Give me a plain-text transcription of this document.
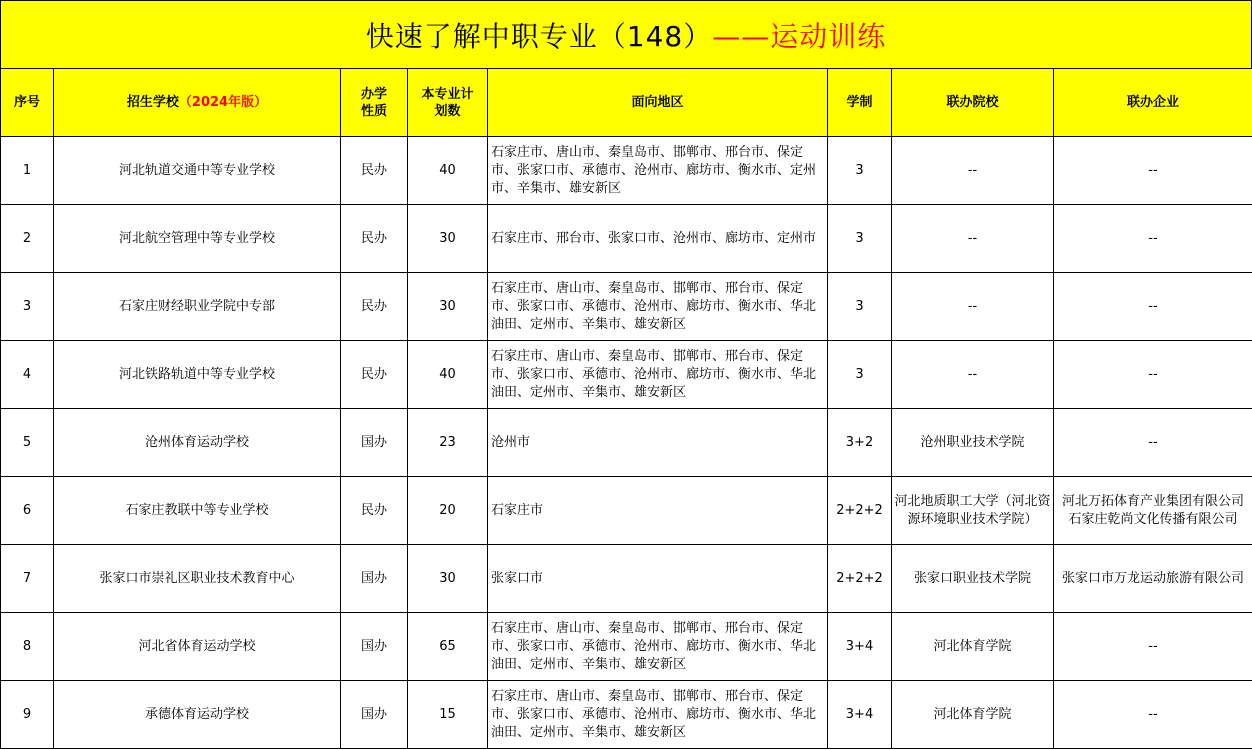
快速了解中职专业（148） ——运动训练
序号	招生学校（2024年版）	办学性质	本专业计划数	面向地区	学制	联办院校	联办企业
1	河北轨道交通中等专业学校	民办	40	石家庄市、唐山市、秦皇岛市、邯郸市、邢台市、保定市、张家口市、承德市、沧州市、廊坊市、衡水市、定州市、辛集市、雄安新区	3	--	--
2	河北航空管理中等专业学校	民办	30	石家庄市、邢台市、张家口市、沧州市、廊坊市、定州市	3	--	--
3	石家庄财经职业学院中专部	民办	30	石家庄市、唐山市、秦皇岛市、邯郸市、邢台市、保定市、张家口市、承德市、沧州市、廊坊市、衡水市、华北油田、定州市、辛集市、雄安新区	3	--	--
4	河北铁路轨道中等专业学校	民办	40	石家庄市、唐山市、秦皇岛市、邯郸市、邢台市、保定市、张家口市、承德市、沧州市、廊坊市、衡水市、华北油田、定州市、辛集市、雄安新区	3	--	--
5	沧州体育运动学校	国办	23	沧州市	3+2	沧州职业技术学院	--
6	石家庄教联中等专业学校	民办	20	石家庄市	2+2+2	河北地质职工大学（河北资源环境职业技术学院）	河北万拓体育产业集团有限公司 石家庄乾尚文化传播有限公司
7	张家口市崇礼区职业技术教育中心	国办	30	张家口市	2+2+2	张家口职业技术学院	张家口市万龙运动旅游有限公司
8	河北省体育运动学校	国办	65	石家庄市、唐山市、秦皇岛市、邯郸市、邢台市、保定市、张家口市、承德市、沧州市、廊坊市、衡水市、华北油田、定州市、辛集市、雄安新区	3+4	河北体育学院	--
9	承德体育运动学校	国办	15	石家庄市、唐山市、秦皇岛市、邯郸市、邢台市、保定市、张家口市、承德市、沧州市、廊坊市、衡水市、华北油田、定州市、辛集市、雄安新区	3+4	河北体育学院	--
